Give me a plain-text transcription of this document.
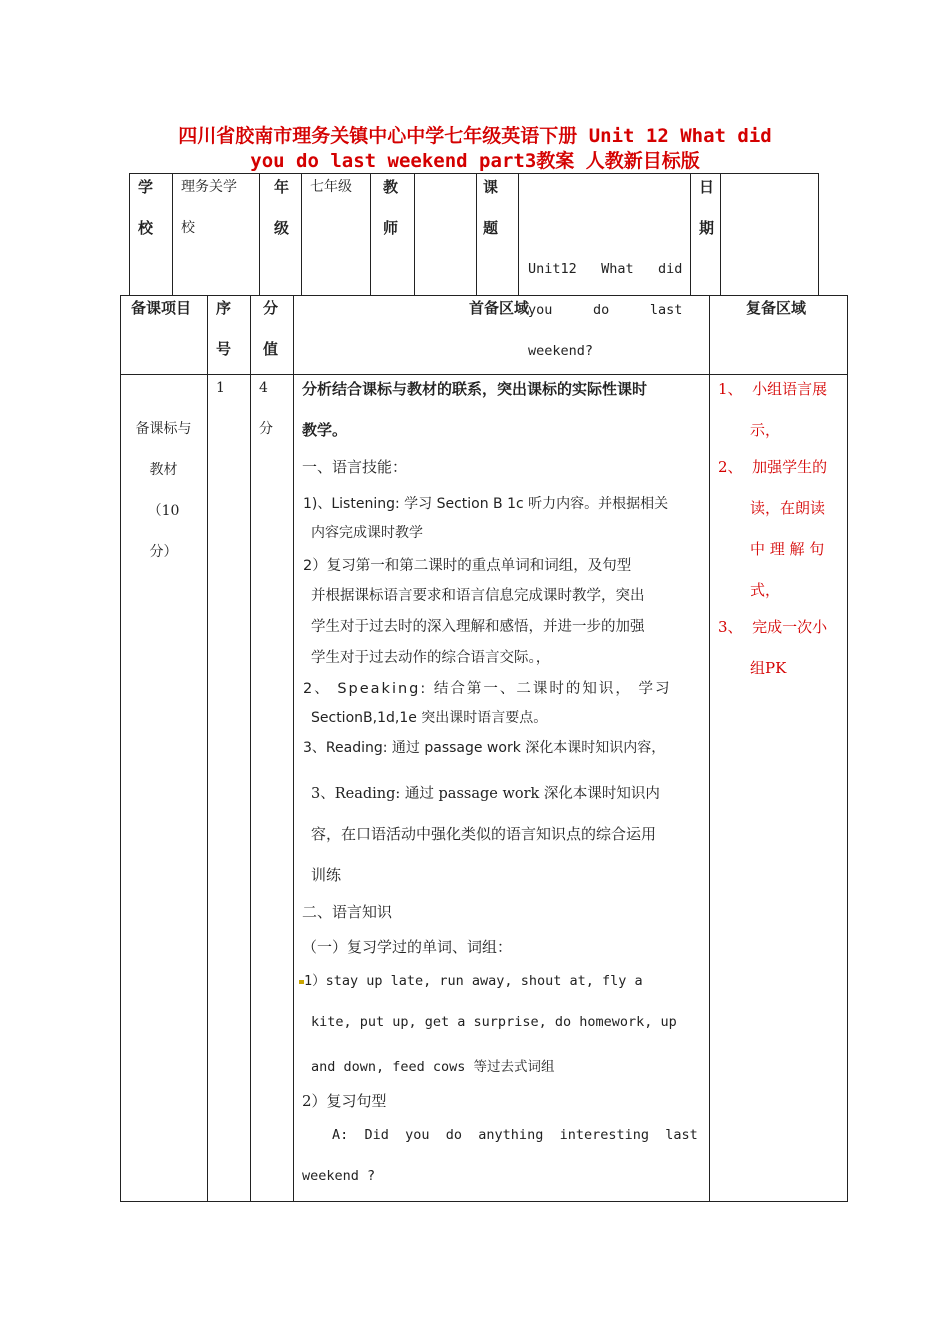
四川省胶南市理务关镇中心中学七年级英语下册 Unit 12 What did
you do last weekend part3教案 人教新目标版
学
校
理务关学
校
年
级
七年级 教
师
课
题

Unit12   What   did
you     do     last
weekend?

日
期
备课项目 序
号
分
值
首备区域	复备区域
备课标与
教材
（10
分）
1 4
分
分析结合课标与教材的联系，突出课标的实际性课时
教学。
一、语言技能：
1)、Listening: 学习 Section B 1c 听力内容。并根据相关
内容完成课时教学
2）复习第一和第二课时的重点单词和词组，及句型
并根据课标语言要求和语言信息完成课时教学，突出
学生对于过去时的深入理解和感悟，并进一步的加强
学生对于过去动作的综合语言交际。，
2、 Speaking: 结合第一、二课时的知识， 学习
SectionB,1d,1e 突出课时语言要点。
3、Reading: 通过 passage work 深化本课时知识内容，
3、Reading: 通过 passage work 深化本课时知识内
容，在口语活动中强化类似的语言知识点的综合运用
训练
二、语言知识
（一）复习学过的单词、词组：
1）stay up late, run away, shout at, fly a
kite, put up, get a surprise, do homework, up
and down, feed cows 等过去式词组
2）复习句型
A:  Did  you  do  anything  interesting  last
weekend ?
1、  小组语言展
示，
2、  加强学生的
读，在朗读
中 理 解 句
式，
3、  完成一次小
组PK
